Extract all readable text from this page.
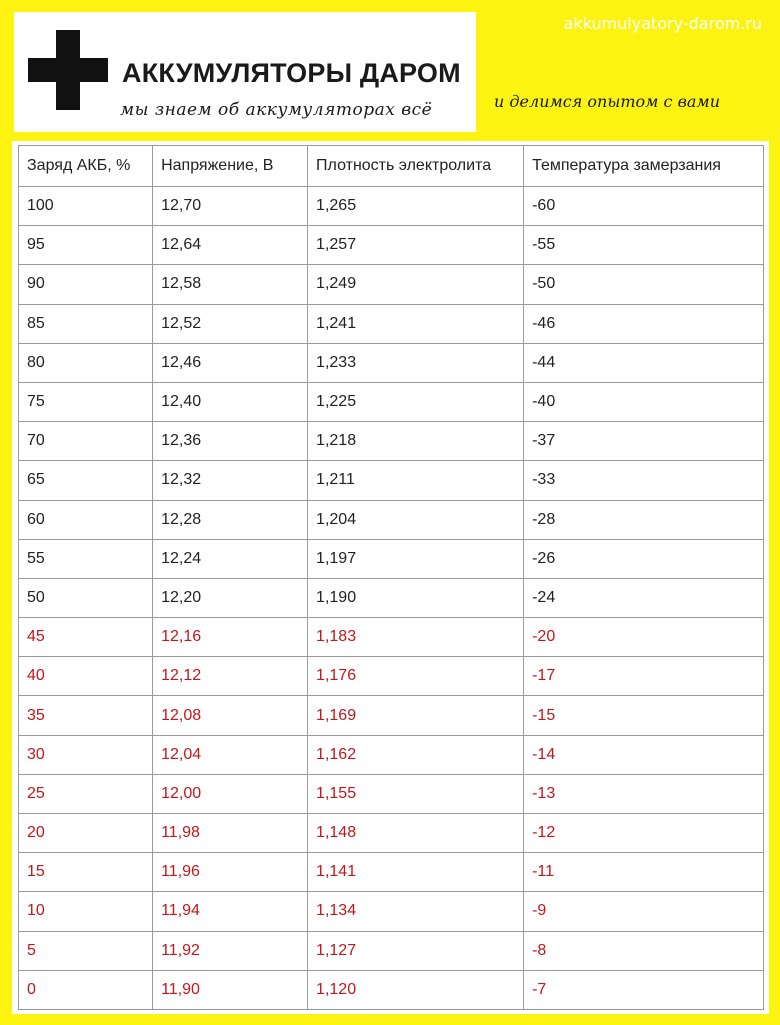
АККУМУЛЯТОРЫ ДАРОМ
мы знаем об аккумуляторах всё
akkumulyatory-darom.ru
и делимся опытом с вами
Заряд АКБ, %	Напряжение, В	Плотность электролита	Температура замерзания
100	12,70	1,265	-60
95	12,64	1,257	-55
90	12,58	1,249	-50
85	12,52	1,241	-46
80	12,46	1,233	-44
75	12,40	1,225	-40
70	12,36	1,218	-37
65	12,32	1,211	-33
60	12,28	1,204	-28
55	12,24	1,197	-26
50	12,20	1,190	-24
45	12,16	1,183	-20
40	12,12	1,176	-17
35	12,08	1,169	-15
30	12,04	1,162	-14
25	12,00	1,155	-13
20	11,98	1,148	-12
15	11,96	1,141	-11
10	11,94	1,134	-9
5	11,92	1,127	-8
0	11,90	1,120	-7
